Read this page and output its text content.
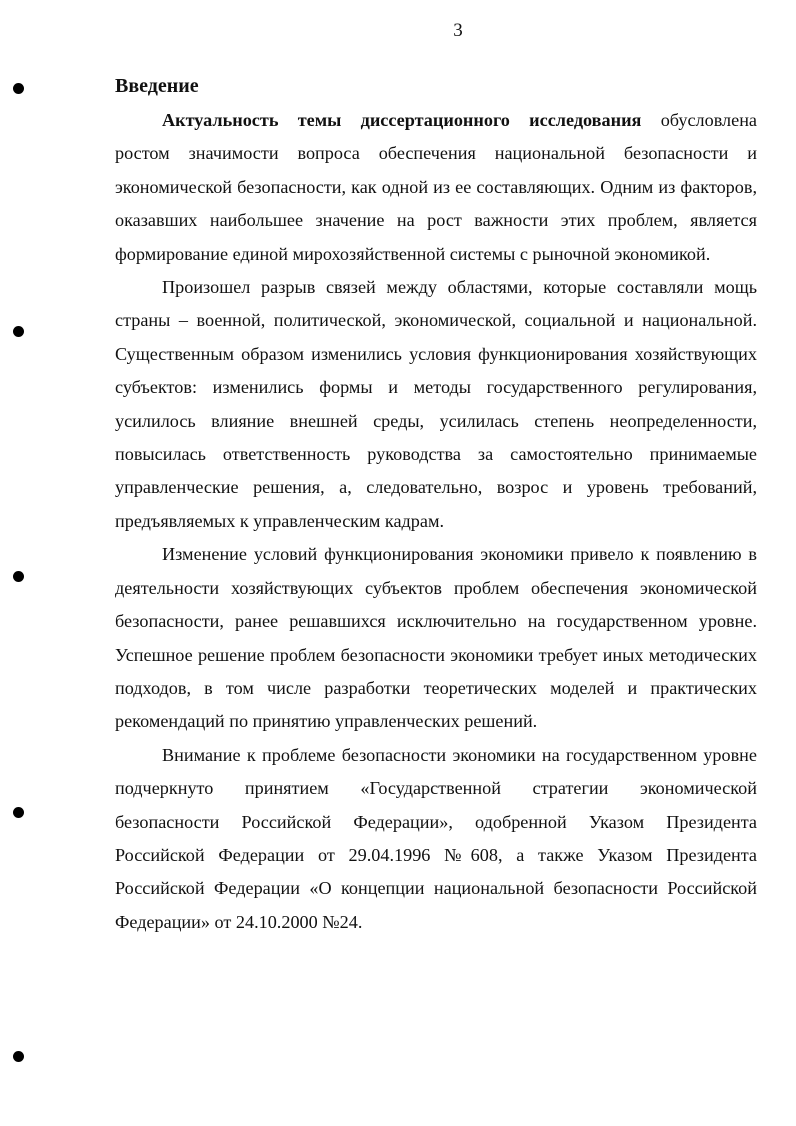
3
Введение

Актуальность темы диссертационного исследования обусловлена ростом значимости вопроса обеспечения национальной безопасности и экономической безопасности, как одной из ее составляющих. Одним из факторов, оказавших наибольшее значение на рост важности этих проблем, является формирование единой мирохозяйственной системы с рыночной экономикой.

Произошел разрыв связей между областями, которые составляли мощь страны – военной, политической, экономической, социальной и национальной. Существенным образом изменились условия функционирования хозяйствующих субъектов: изменились формы и методы государственного регулирования, усилилось влияние внешней среды, усилилась степень неопределенности, повысилась ответственность руководства за самостоятельно принимаемые управленческие решения, а, следовательно, возрос и уровень требований, предъявляемых к управленческим кадрам.

Изменение условий функционирования экономики привело к появлению в деятельности хозяйствующих субъектов проблем обеспечения экономической безопасности, ранее решавшихся исключительно на государственном уровне. Успешное решение проблем безопасности экономики требует иных методических подходов, в том числе разработки теоретических моделей и практических рекомендаций по принятию управленческих решений.

Внимание к проблеме безопасности экономики на государственном уровне подчеркнуто принятием «Государственной стратегии экономической безопасности Российской Федерации», одобренной Указом Президента Российской Федерации от 29.04.1996 №608, а также Указом Президента Российской Федерации «О концепции национальной безопасности Российской Федерации» от 24.10.2000 №24.
